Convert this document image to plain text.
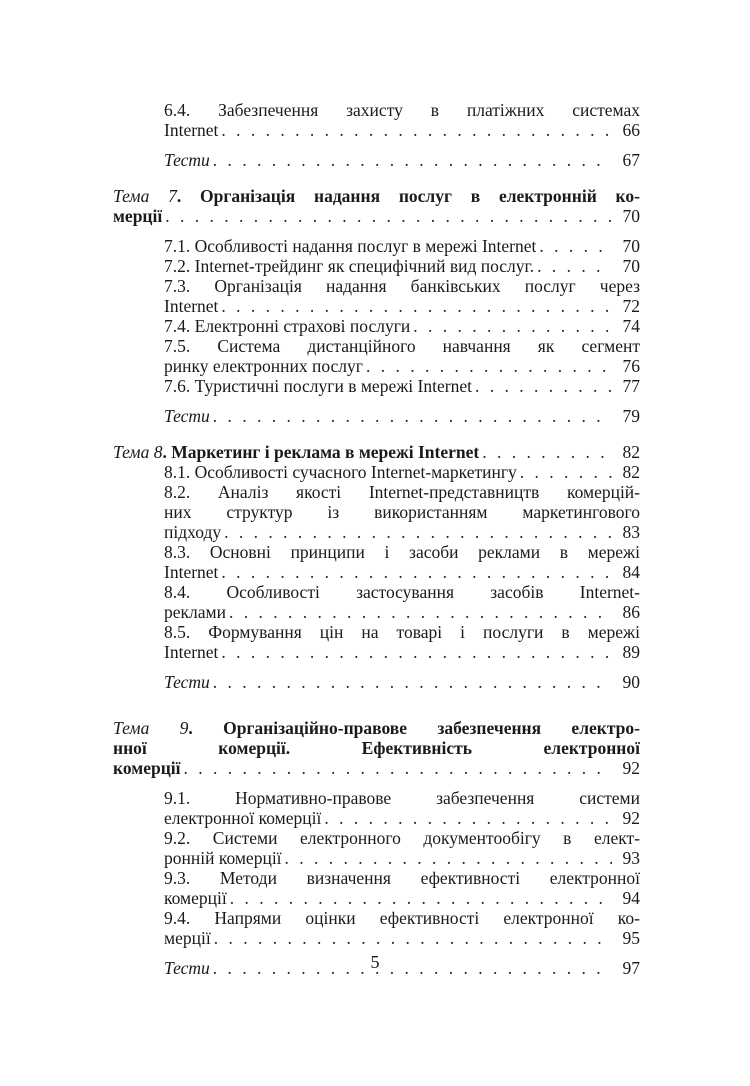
6.4. Забезпечення захисту в платіжних системах
Internet . . .	66
Тести . . .	67
Тема 7. Організація надання послуг в електронній ко-
мерції . . .	70
7.1. Особливості надання послуг в мережі Internet . . .	70
7.2. Internet-трейдинг як специфічний вид послуг. . . .	70
7.3. Організація надання банківських послуг через
Internet . . .	72
7.4. Електронні страхові послуги . . .	74
7.5. Система дистанційного навчання як сегмент
ринку електронних послуг . . .	76
7.6. Туристичні послуги в мережі Internet . . .	77
Тести . . .	79
Тема 8. Маркетинг і реклама в мережі Internet . . .	82
8.1. Особливості сучасного Internet-маркетингу . . .	82
8.2. Аналіз якості Internet-представництв комерцій-
них структур із використанням маркетингового
підходу . . .	83
8.3. Основні принципи і засоби реклами в мережі
Internet . . .	84
8.4. Особливості застосування засобів Internet-
реклами . . .	86
8.5. Формування цін на товарі і послуги в мережі
Internet . . .	89
Тести . . .	90
Тема 9. Організаційно-правове забезпечення електро-
нної комерції. Ефективність електронної
комерції . . .	92
9.1. Нормативно-правове забезпечення системи
електронної комерції . . .	92
9.2. Системи електронного документообігу в елект-
ронній комерції . . .	93
9.3. Методи визначення ефективності електронної
комерції . . .	94
9.4. Напрями оцінки ефективності електронної ко-
мерції . . .	95
Тести . . .	97
5
